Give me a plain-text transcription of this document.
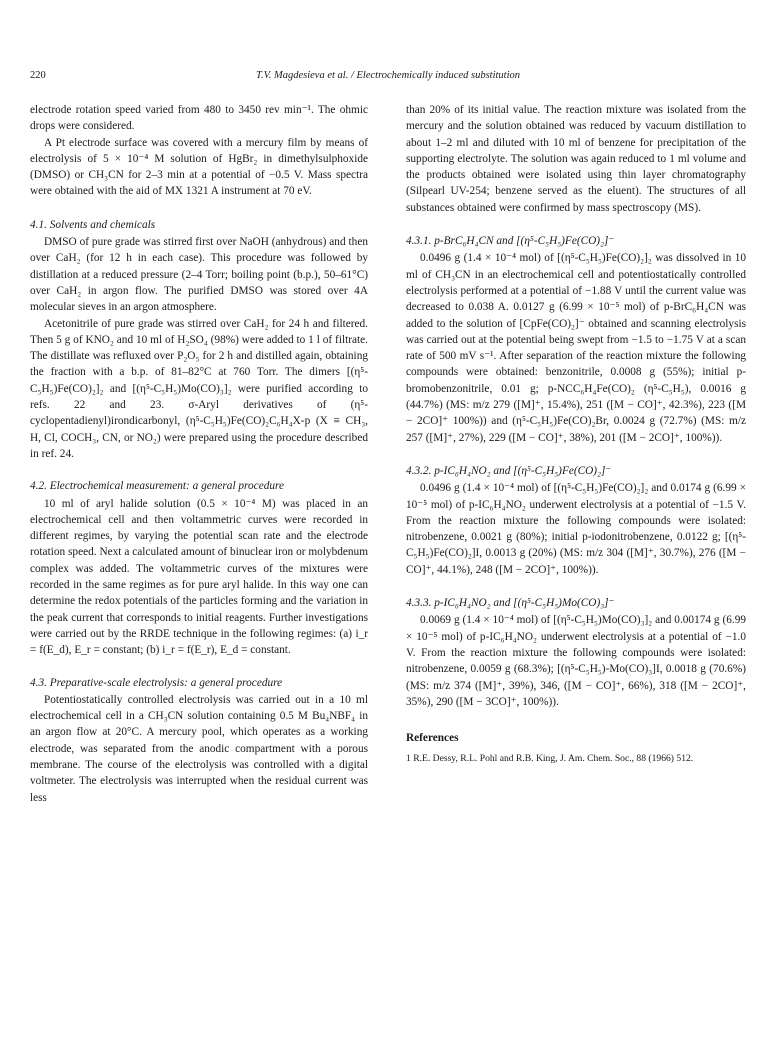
220	T.V. Magdesieva et al. / Electrochemically induced substitution

electrode rotation speed varied from 480 to 3450 rev min⁻¹. The ohmic drops were considered.

A Pt electrode surface was covered with a mercury film by means of electrolysis of 5 × 10⁻⁴ M solution of HgBr₂ in dimethylsulphoxide (DMSO) or CH₃CN for 2–3 min at a potential of −0.5 V. Mass spectra were obtained with the aid of MX 1321 A instrument at 70 eV.

4.1. Solvents and chemicals

DMSO of pure grade was stirred first over NaOH (anhydrous) and then over CaH₂ (for 12 h in each case). This procedure was followed by distillation at a reduced pressure (2–4 Torr; boiling point (b.p.), 50–61°C) over CaH₂ in argon flow. The purified DMSO was stored over 4A molecular sieves in an argon atmosphere.

Acetonitrile of pure grade was stirred over CaH₂ for 24 h and filtered. Then 5 g of KNO₂ and 10 ml of H₂SO₄ (98%) were added to 1 l of filtrate. The distillate was refluxed over P₂O₅ for 2 h and distilled again, obtaining the fraction with a b.p. of 81–82°C at 760 Torr. The dimers [(η⁵-C₅H₅)Fe(CO)₂]₂ and [(η⁵-C₅H₅)Mo(CO)₃]₂ were purified according to refs. 22 and 23. σ-Aryl derivatives of (η⁵-cyclopentadienyl)irondicarbonyl, (η⁵-C₅H₅)Fe(CO)₂C₆H₄X-p (X ≡ CH₃, H, Cl, COCH₃, CN, or NO₂) were prepared using the procedure described in ref. 24.

4.2. Electrochemical measurement: a general procedure

10 ml of aryl halide solution (0.5 × 10⁻⁴ M) was placed in an electrochemical cell and then voltammetric curves were recorded in different regimes, by varying the potential scan rate and the electrode rotation speed. Next a calculated amount of binuclear iron or molybdenum complex was added. The voltammetric curves of the mixtures were recorded in the same regimes as for pure aryl halide. In this way one can determine the redox potentials of the particles forming and the variation in the peak current that corresponds to initial reagents. Further investigations were carried out by the RRDE technique in the following regimes: (a) i_r = f(E_d), E_r = constant; (b) i_r = f(E_r), E_d = constant.

4.3. Preparative-scale electrolysis: a general procedure

Potentiostatically controlled electrolysis was carried out in a 10 ml electrochemical cell in a CH₃CN solution containing 0.5 M Bu₄NBF₄ in an argon flow at 20°C. A mercury pool, which operates as a working electrode, was separated from the anodic compartment with a porous membrane. The course of the electrolysis was controlled with a digital voltmeter. The electrolysis was interrupted when the residual current was less

than 20% of its initial value. The reaction mixture was isolated from the mercury and the solution obtained was reduced by vacuum distillation to about 1–2 ml and diluted with 10 ml of benzene for precipitation of the supporting electrolyte. The solution was again reduced to 1 ml volume and the products obtained were isolated using thin layer chromatography (Silpearl UV-254; benzene served as the eluent). The structures of all substances obtained were confirmed by mass spectroscopy (MS).

4.3.1. p-BrC₆H₄CN and [(η⁵-C₅H₅)Fe(CO)₂]⁻

0.0496 g (1.4 × 10⁻⁴ mol) of [(η⁵-C₅H₅)Fe(CO)₂]₂ was dissolved in 10 ml of CH₃CN in an electrochemical cell and potentiostatically controlled electrolysis performed at a potential of −1.88 V until the current value was decreased to 0.038 A. 0.0127 g (6.99 × 10⁻⁵ mol) of p-BrC₆H₄CN was added to the solution of [CpFe(CO)₂]⁻ obtained and scanning electrolysis was carried out at the potential being swept from −1.5 to −1.75 V at a scan rate of 500 mV s⁻¹. After separation of the reaction mixture the following compounds were obtained: benzonitrile, 0.0008 g (55%); initial p-bromobenzonitrile, 0.01 g; p-NCC₆H₄Fe(CO)₂ (η⁵-C₅H₅), 0.0016 g (44.7%) (MS: m/z 279 ([M]⁺, 15.4%), 251 ([M − CO]⁺, 42.3%), 223 ([M − 2CO]⁺ 100%)) and (η⁵-C₅H₅)Fe(CO)₂Br, 0.0024 g (72.7%) (MS: m/z 257 ([M]⁺, 27%), 229 ([M − CO]⁺, 38%), 201 ([M − 2CO]⁺, 100%)).

4.3.2. p-IC₆H₄NO₂ and [(η⁵-C₅H₅)Fe(CO)₂]⁻

0.0496 g (1.4 × 10⁻⁴ mol) of [(η⁵-C₅H₅)Fe(CO)₂]₂ and 0.0174 g (6.99 × 10⁻⁵ mol) of p-IC₆H₄NO₂ underwent electrolysis at a potential of −1.5 V. From the reaction mixture the following compounds were isolated: nitrobenzene, 0.0021 g (80%); initial p-iodonitrobenzene, 0.0122 g; [(η⁵-C₅H₅)Fe(CO)₂]I, 0.0013 g (20%) (MS: m/z 304 ([M]⁺, 30.7%), 276 ([M − CO]⁺, 44.1%), 248 ([M − 2CO]⁺, 100%)).

4.3.3. p-IC₆H₄NO₂ and [(η⁵-C₅H₅)Mo(CO)₃]⁻

0.0069 g (1.4 × 10⁻⁴ mol) of [(η⁵-C₅H₅)Mo(CO)₃]₂ and 0.00174 g (6.99 × 10⁻⁵ mol) of p-IC₆H₄NO₂ underwent electrolysis at a potential of −1.0 V. From the reaction mixture the following compounds were isolated: nitrobenzene, 0.0059 g (68.3%); [(η⁵-C₅H₅)-Mo(CO)₃]I, 0.0018 g (70.6%) (MS: m/z 374 ([M]⁺, 39%), 346, ([M − CO]⁺, 66%), 318 ([M − 2CO]⁺, 35%), 290 ([M − 3CO]⁺, 100%)).

References

1 R.E. Dessy, R.L. Pohl and R.B. King, J. Am. Chem. Soc., 88 (1966) 512.
